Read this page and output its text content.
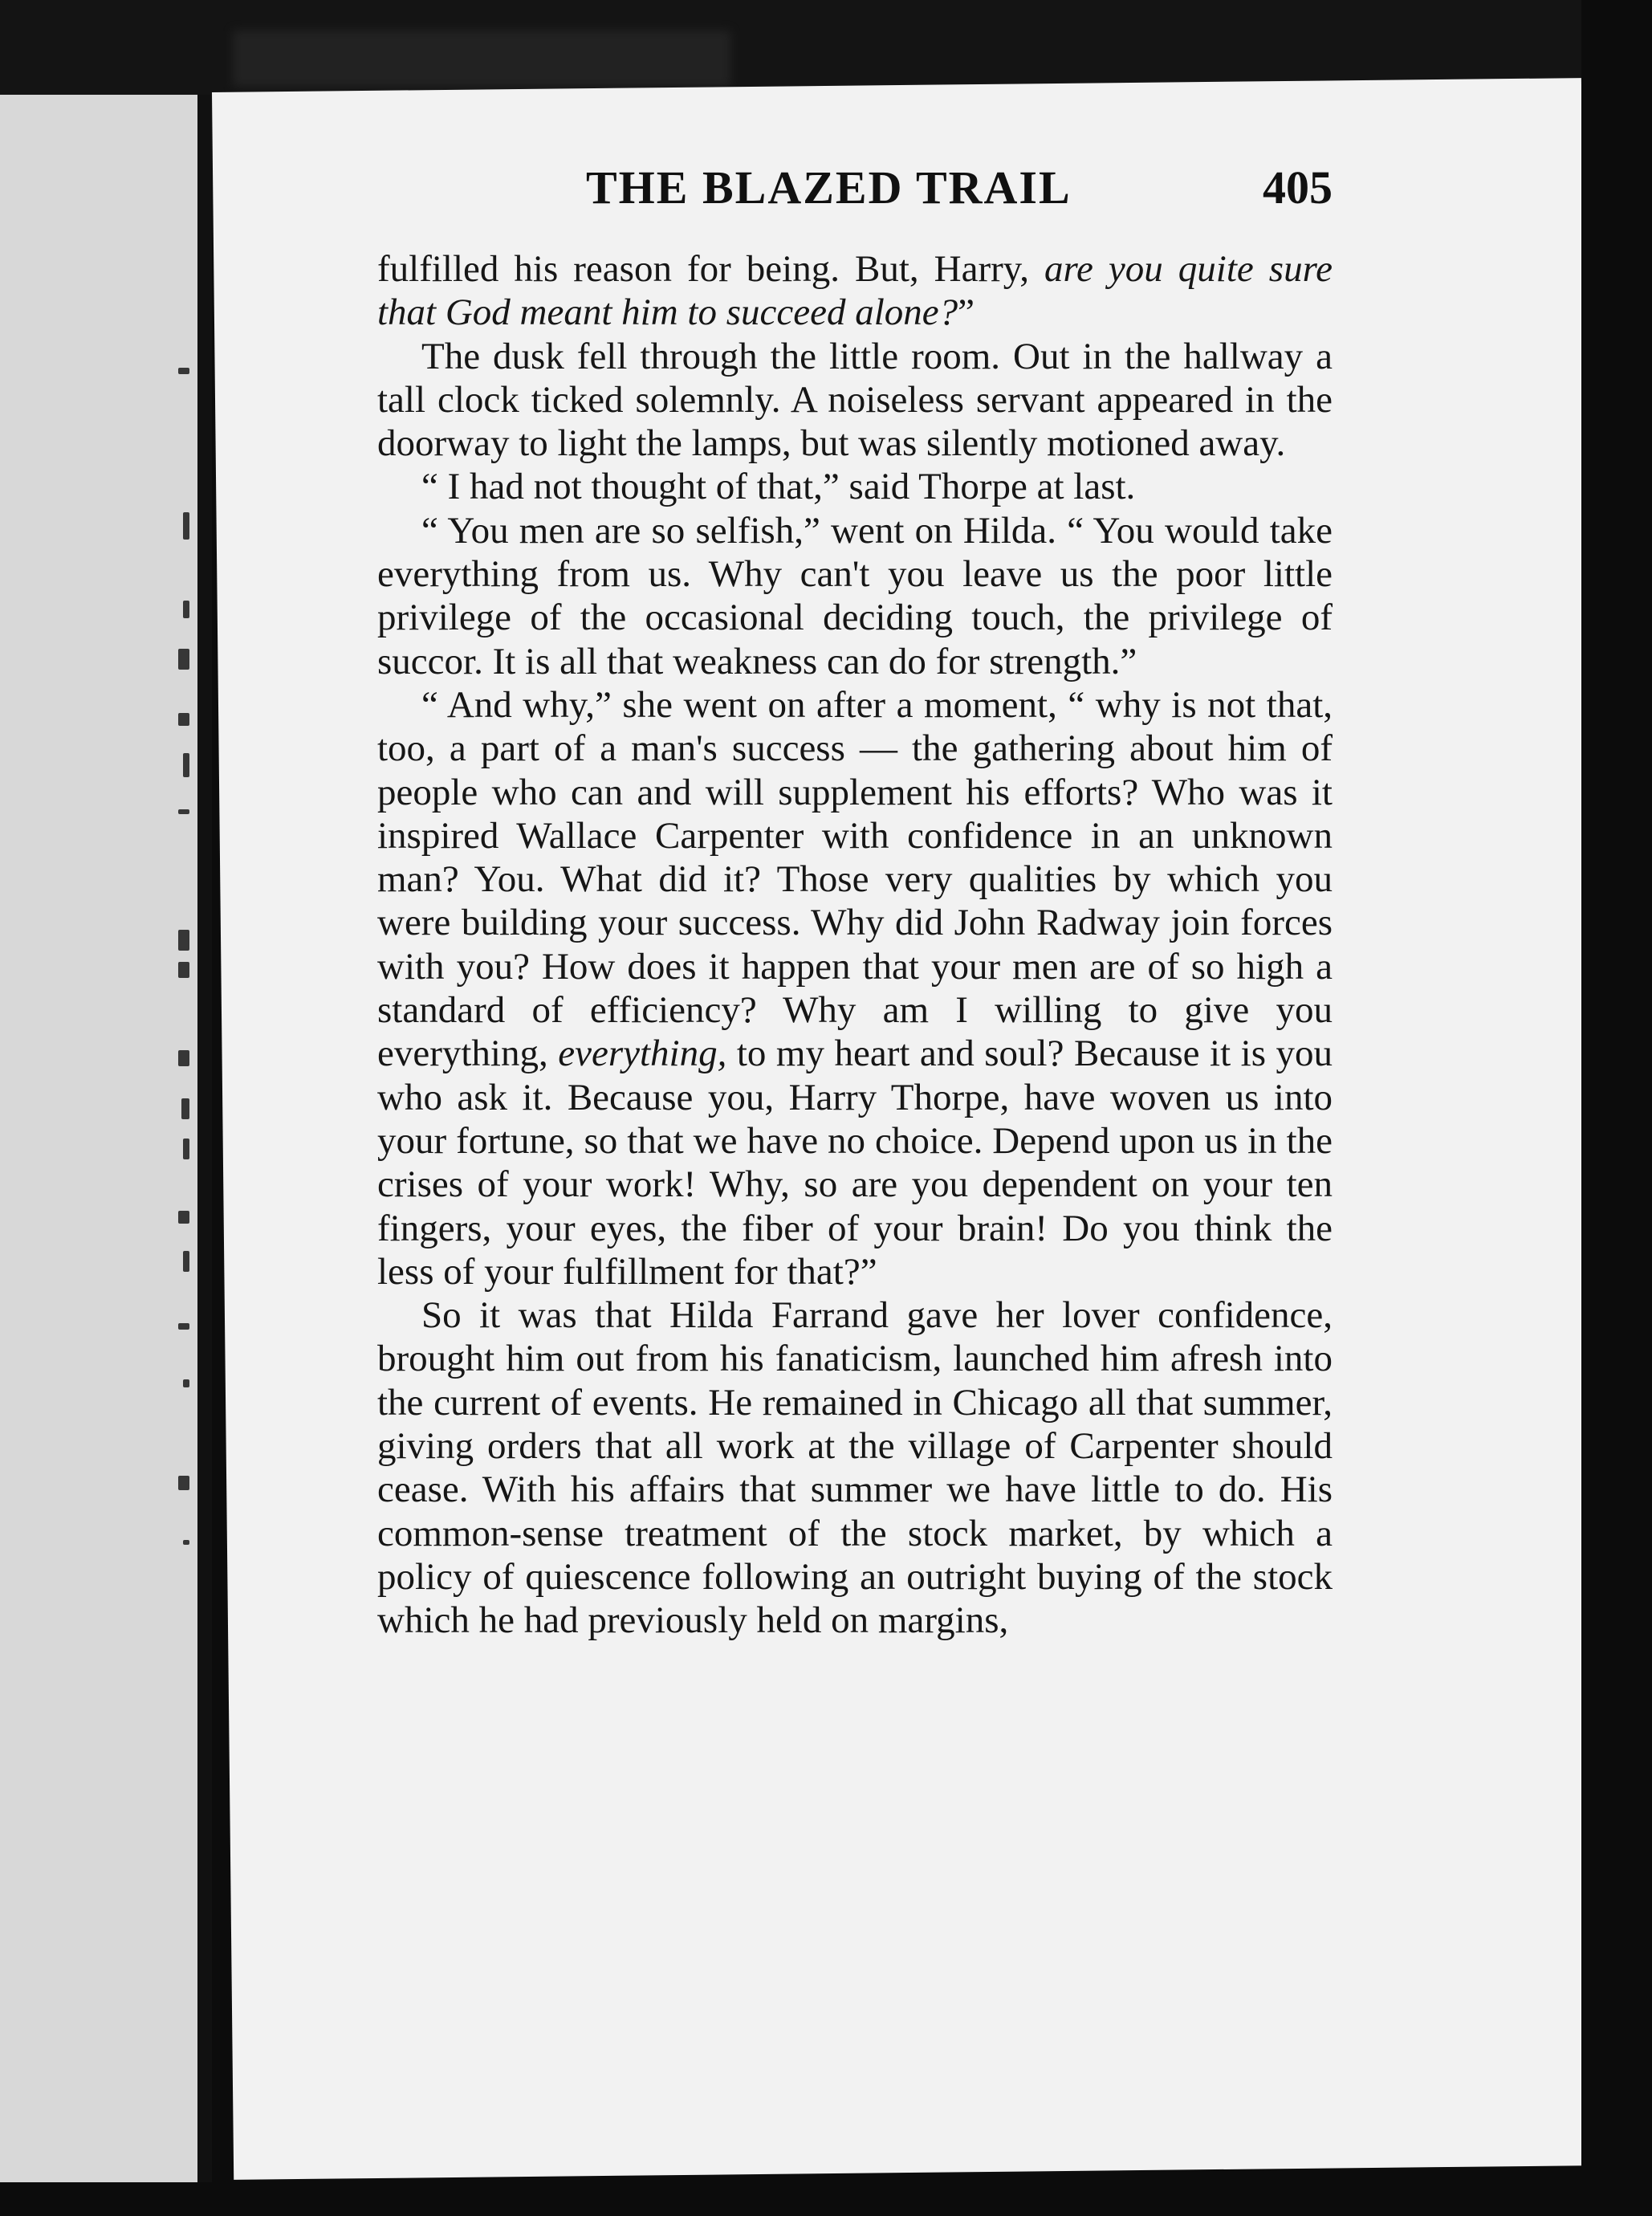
THE BLAZED TRAIL	405

fulfilled his reason for being. But, Harry, are you quite sure that God meant him to succeed alone?”

The dusk fell through the little room. Out in the hallway a tall clock ticked solemnly. A noiseless servant appeared in the doorway to light the lamps, but was silently motioned away.

“ I had not thought of that,” said Thorpe at last.

“ You men are so selfish,” went on Hilda. “ You would take everything from us. Why can't you leave us the poor little privilege of the occasional deciding touch, the privilege of succor. It is all that weakness can do for strength.”

“ And why,” she went on after a moment, “ why is not that, too, a part of a man's success — the gathering about him of people who can and will supplement his efforts? Who was it inspired Wallace Carpenter with confidence in an unknown man? You. What did it? Those very qualities by which you were building your success. Why did John Radway join forces with you? How does it happen that your men are of so high a standard of efficiency? Why am I willing to give you everything, everything, to my heart and soul? Because it is you who ask it. Because you, Harry Thorpe, have woven us into your fortune, so that we have no choice. Depend upon us in the crises of your work! Why, so are you dependent on your ten fingers, your eyes, the fiber of your brain! Do you think the less of your fulfillment for that?”

So it was that Hilda Farrand gave her lover confidence, brought him out from his fanaticism, launched him afresh into the current of events. He remained in Chicago all that summer, giving orders that all work at the village of Carpenter should cease. With his affairs that summer we have little to do. His common-sense treatment of the stock market, by which a policy of quiescence following an outright buying of the stock which he had previously held on margins,
